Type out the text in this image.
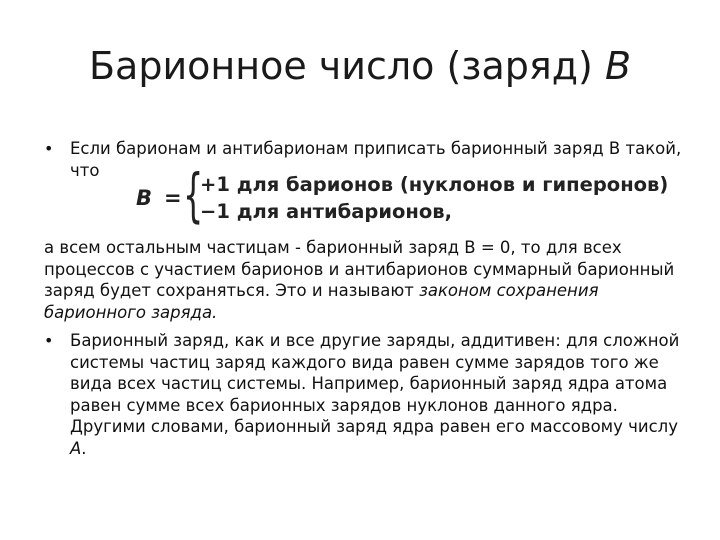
Барионное число (заряд) B
• Если барионам и антибарионам приписать барионный заряд В такой, что
B = {
+1 для барионов (нуклонов и гиперонов)
−1 для антибарионов,
а всем остальным частицам - барионный заряд В = 0, то для всех процессов с участием барионов и антибарионов суммарный барионный заряд будет сохраняться. Это и называют законом сохранения барионного заряда.
• Барионный заряд, как и все другие заряды, аддитивен: для сложной системы частиц заряд каждого вида равен сумме зарядов того же вида всех частиц системы. Например, барионный заряд ядра атома равен сумме всех барионных зарядов нуклонов данного ядра. Другими словами, барионный заряд ядра равен его массовому числу А.
